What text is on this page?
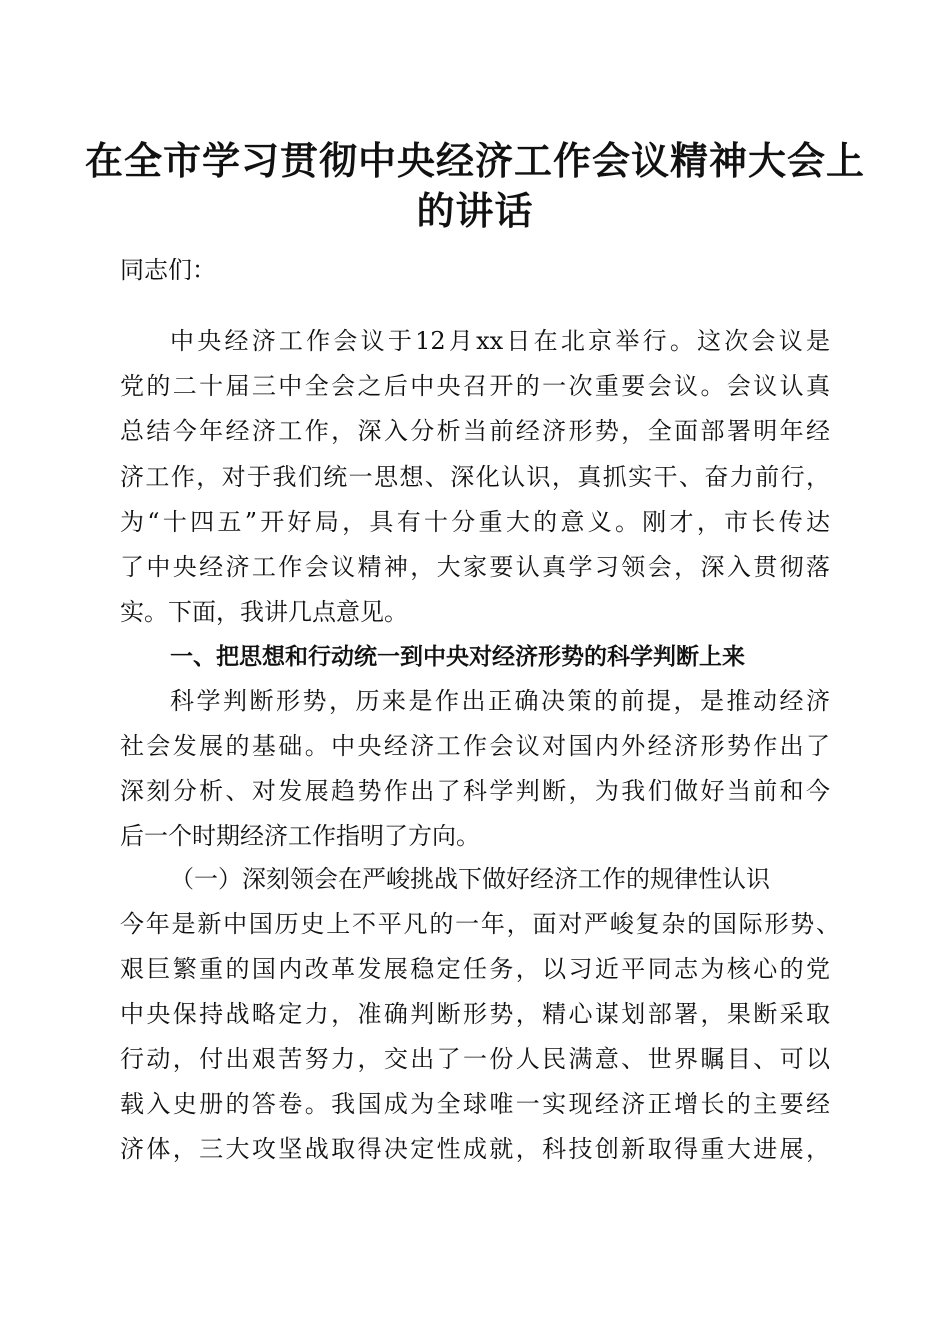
在全市学习贯彻中央经济工作会议精神大会上
的讲话
同志们：
中央经济工作会议于12月xx日在北京举行。这次会议是
党的二十届三中全会之后中央召开的一次重要会议。会议认真
总结今年经济工作，深入分析当前经济形势，全面部署明年经
济工作，对于我们统一思想、深化认识，真抓实干、奋力前行，
为“十四五”开好局，具有十分重大的意义。刚才，市长传达
了中央经济工作会议精神，大家要认真学习领会，深入贯彻落
实。下面，我讲几点意见。
一、把思想和行动统一到中央对经济形势的科学判断上来
科学判断形势，历来是作出正确决策的前提，是推动经济
社会发展的基础。中央经济工作会议对国内外经济形势作出了
深刻分析、对发展趋势作出了科学判断，为我们做好当前和今
后一个时期经济工作指明了方向。
（一）深刻领会在严峻挑战下做好经济工作的规律性认识
今年是新中国历史上不平凡的一年，面对严峻复杂的国际形势、
艰巨繁重的国内改革发展稳定任务，以习近平同志为核心的党
中央保持战略定力，准确判断形势，精心谋划部署，果断采取
行动，付出艰苦努力，交出了一份人民满意、世界瞩目、可以
载入史册的答卷。我国成为全球唯一实现经济正增长的主要经
济体，三大攻坚战取得决定性成就，科技创新取得重大进展，
